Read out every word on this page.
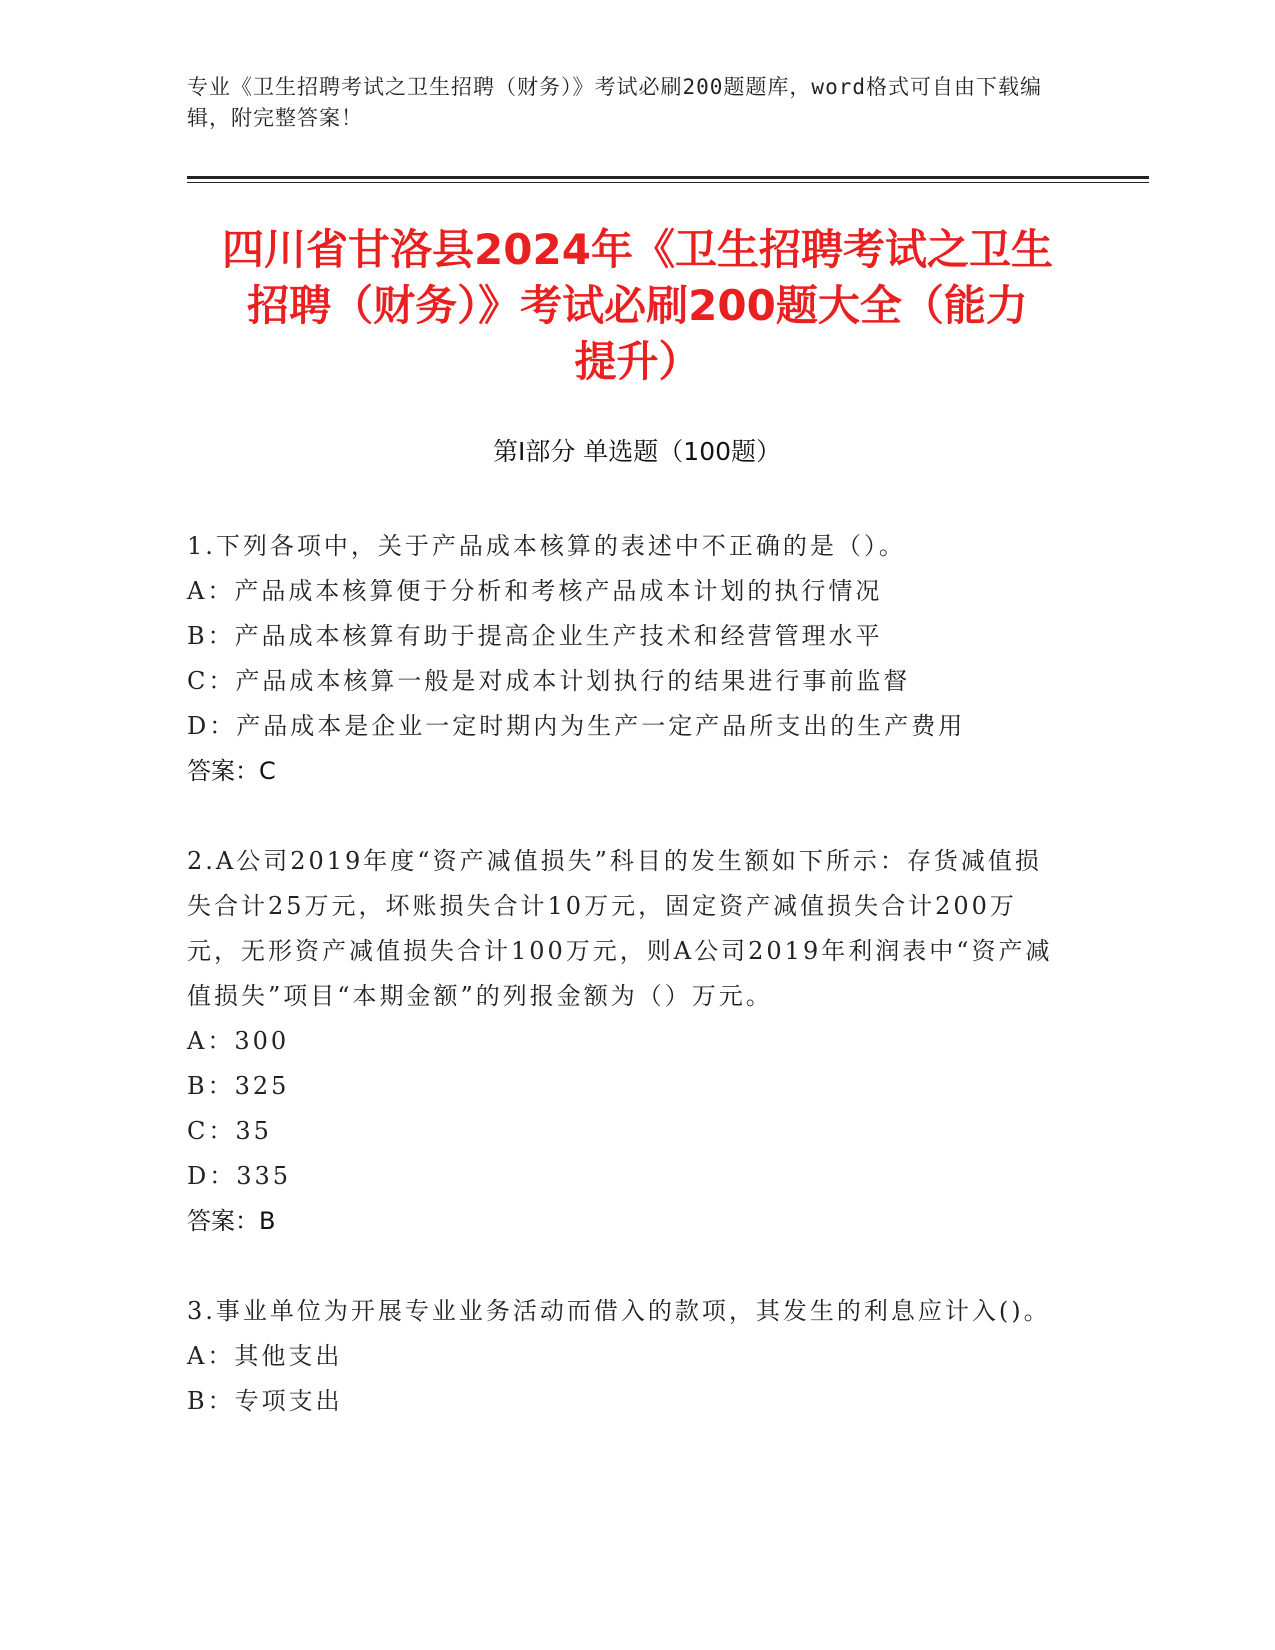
专业《卫生招聘考试之卫生招聘（财务）》考试必刷200题题库，word格式可自由下载编辑，附完整答案！
四川省甘洛县2024年《卫生招聘考试之卫生
招聘（财务）》考试必刷200题大全（能力
提升）
第Ⅰ部分 单选题（100题）
1.下列各项中，关于产品成本核算的表述中不正确的是（）。
A：产品成本核算便于分析和考核产品成本计划的执行情况
B：产品成本核算有助于提高企业生产技术和经营管理水平
C：产品成本核算一般是对成本计划执行的结果进行事前监督
D：产品成本是企业一定时期内为生产一定产品所支出的生产费用
答案：C
2.A公司2019年度“资产减值损失”科目的发生额如下所示：存货减值损失合计25万元，坏账损失合计10万元，固定资产减值损失合计200万元，无形资产减值损失合计100万元，则A公司2019年利润表中“资产减值损失”项目“本期金额”的列报金额为（）万元。
A：300
B：325
C：35
D：335
答案：B
3.事业单位为开展专业业务活动而借入的款项，其发生的利息应计入()。
A：其他支出
B：专项支出
